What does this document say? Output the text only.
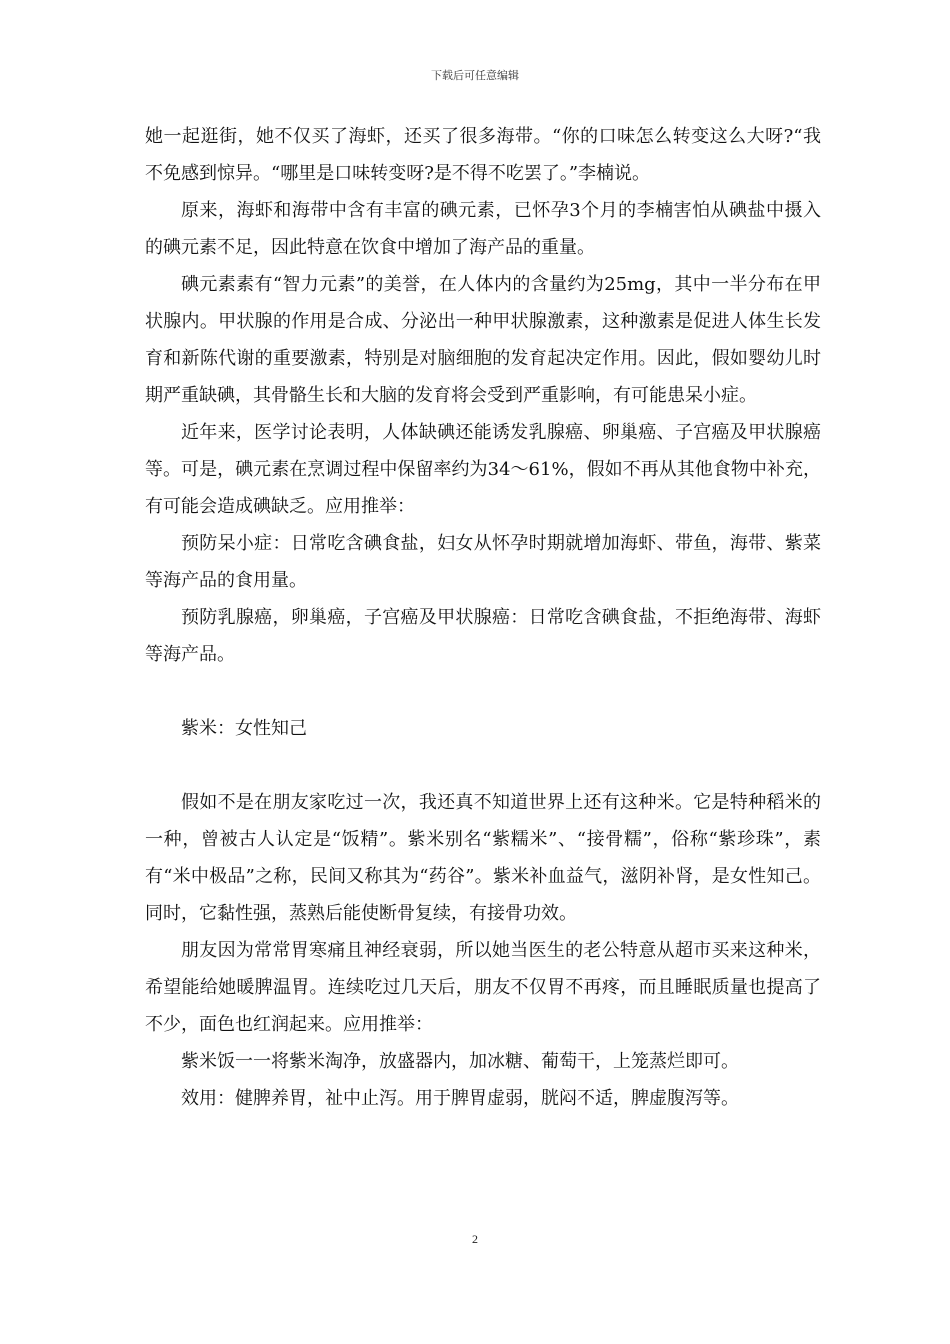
下载后可任意编辑

她一起逛街，她不仅买了海虾，还买了很多海带。“你的口味怎么转变这么大呀?“我不免感到惊异。“哪里是口味转变呀?是不得不吃罢了。”李楠说。

原来，海虾和海带中含有丰富的碘元素，已怀孕3个月的李楠害怕从碘盐中摄入的碘元素不足，因此特意在饮食中增加了海产品的重量。

碘元素素有“智力元素”的美誉，在人体内的含量约为25mg，其中一半分布在甲状腺内。甲状腺的作用是合成、分泌出一种甲状腺激素，这种激素是促进人体生长发育和新陈代谢的重要激素，特别是对脑细胞的发育起决定作用。因此，假如婴幼儿时期严重缺碘，其骨骼生长和大脑的发育将会受到严重影响，有可能患呆小症。

近年来，医学讨论表明，人体缺碘还能诱发乳腺癌、卵巢癌、子宫癌及甲状腺癌等。可是，碘元素在烹调过程中保留率约为34～61%，假如不再从其他食物中补充，有可能会造成碘缺乏。应用推举：

预防呆小症：日常吃含碘食盐，妇女从怀孕时期就增加海虾、带鱼，海带、紫菜等海产品的食用量。

预防乳腺癌，卵巢癌，子宫癌及甲状腺癌：日常吃含碘食盐，不拒绝海带、海虾等海产品。

紫米：女性知己

假如不是在朋友家吃过一次，我还真不知道世界上还有这种米。它是特种稻米的一种，曾被古人认定是“饭精”。紫米别名“紫糯米”、“接骨糯”，俗称“紫珍珠”，素有“米中极品”之称，民间又称其为“药谷”。紫米补血益气，滋阴补肾，是女性知己。同时，它黏性强，蒸熟后能使断骨复续，有接骨功效。

朋友因为常常胃寒痛且神经衰弱，所以她当医生的老公特意从超市买来这种米，希望能给她暖脾温胃。连续吃过几天后，朋友不仅胃不再疼，而且睡眠质量也提高了不少，面色也红润起来。应用推举：

紫米饭一一将紫米淘净，放盛器内，加冰糖、葡萄干，上笼蒸烂即可。

效用：健脾养胃，祉中止泻。用于脾胃虚弱，胱闷不适，脾虚腹泻等。

2
